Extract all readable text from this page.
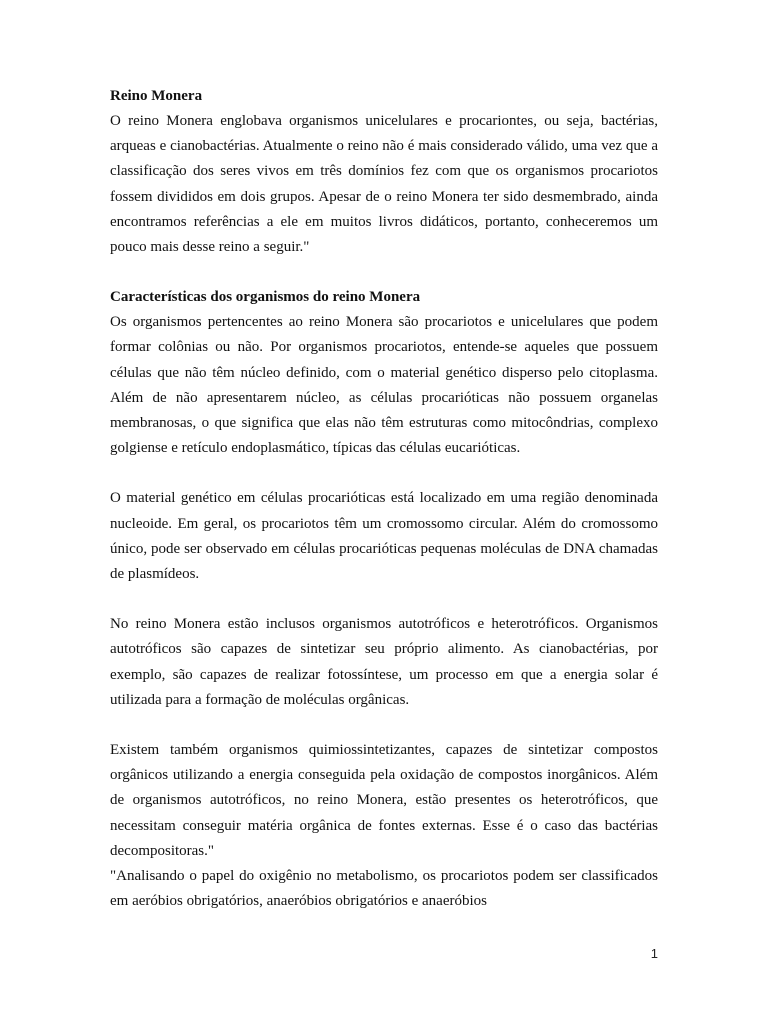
Reino Monera

O reino Monera englobava organismos unicelulares e procariontes, ou seja, bactérias, arqueas e cianobactérias. Atualmente o reino não é mais considerado válido, uma vez que a classificação dos seres vivos em três domínios fez com que os organismos procariotos fossem divididos em dois grupos. Apesar de o reino Monera ter sido desmembrado, ainda encontramos referências a ele em muitos livros didáticos, portanto, conheceremos um pouco mais desse reino a seguir."

Características dos organismos do reino Monera

Os organismos pertencentes ao reino Monera são procariotos e unicelulares que podem formar colônias ou não. Por organismos procariotos, entende-se aqueles que possuem células que não têm núcleo definido, com o material genético disperso pelo citoplasma. Além de não apresentarem núcleo, as células procarióticas não possuem organelas membranosas, o que significa que elas não têm estruturas como mitocôndrias, complexo golgiense e retículo endoplasmático, típicas das células eucarióticas.

O material genético em células procarióticas está localizado em uma região denominada nucleoide. Em geral, os procariotos têm um cromossomo circular. Além do cromossomo único, pode ser observado em células procarióticas pequenas moléculas de DNA chamadas de plasmídeos.

No reino Monera estão inclusos organismos autotróficos e heterotróficos. Organismos autotróficos são capazes de sintetizar seu próprio alimento. As cianobactérias, por exemplo, são capazes de realizar fotossíntese, um processo em que a energia solar é utilizada para a formação de moléculas orgânicas.

Existem também organismos quimiossintetizantes, capazes de sintetizar compostos orgânicos utilizando a energia conseguida pela oxidação de compostos inorgânicos. Além de organismos autotróficos, no reino Monera, estão presentes os heterotróficos, que necessitam conseguir matéria orgânica de fontes externas. Esse é o caso das bactérias decompositoras."

"Analisando o papel do oxigênio no metabolismo, os procariotos podem ser classificados em aeróbios obrigatórios, anaeróbios obrigatórios e anaeróbios

1
